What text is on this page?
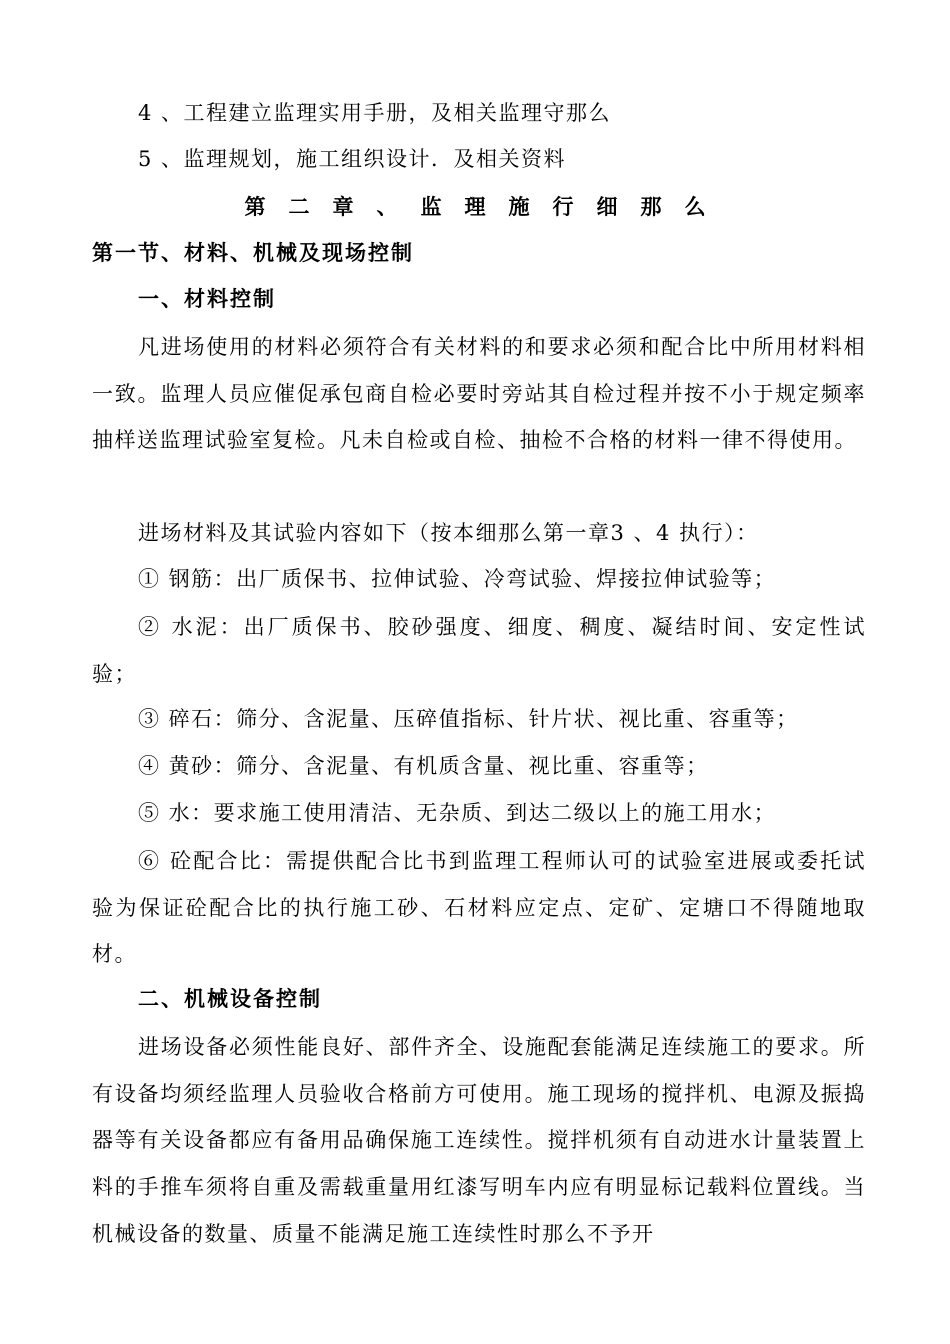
4 、工程建立监理实用手册，及相关监理守那么
5 、监理规划，施工组织设计．及相关资料
第二章、监理施行细那么
第一节、材料、机械及现场控制
一、材料控制

凡进场使用的材料必须符合有关材料的和要求必须和配合比中所用材料相一致。监理人员应催促承包商自检必要时旁站其自检过程并按不小于规定频率抽样送监理试验室复检。凡未自检或自检、抽检不合格的材料一律不得使用。

进场材料及其试验内容如下（按本细那么第一章3 、4 执行）：
① 钢筋：出厂质保书、拉伸试验、冷弯试验、焊接拉伸试验等；

② 水泥：出厂质保书、胶砂强度、细度、稠度、凝结时间、安定性试验；

③ 碎石：筛分、含泥量、压碎值指标、针片状、视比重、容重等；
④ 黄砂：筛分、含泥量、有机质含量、视比重、容重等；
⑤ 水：要求施工使用清洁、无杂质、到达二级以上的施工用水；

⑥ 砼配合比：需提供配合比书到监理工程师认可的试验室进展或委托试验为保证砼配合比的执行施工砂、石材料应定点、定矿、定塘口不得随地取材。

二、机械设备控制

进场设备必须性能良好、部件齐全、设施配套能满足连续施工的要求。所有设备均须经监理人员验收合格前方可使用。施工现场的搅拌机、电源及振捣器等有关设备都应有备用品确保施工连续性。搅拌机须有自动进水计量装置上料的手推车须将自重及需载重量用红漆写明车内应有明显标记载料位置线。当机械设备的数量、质量不能满足施工连续性时那么不予开
